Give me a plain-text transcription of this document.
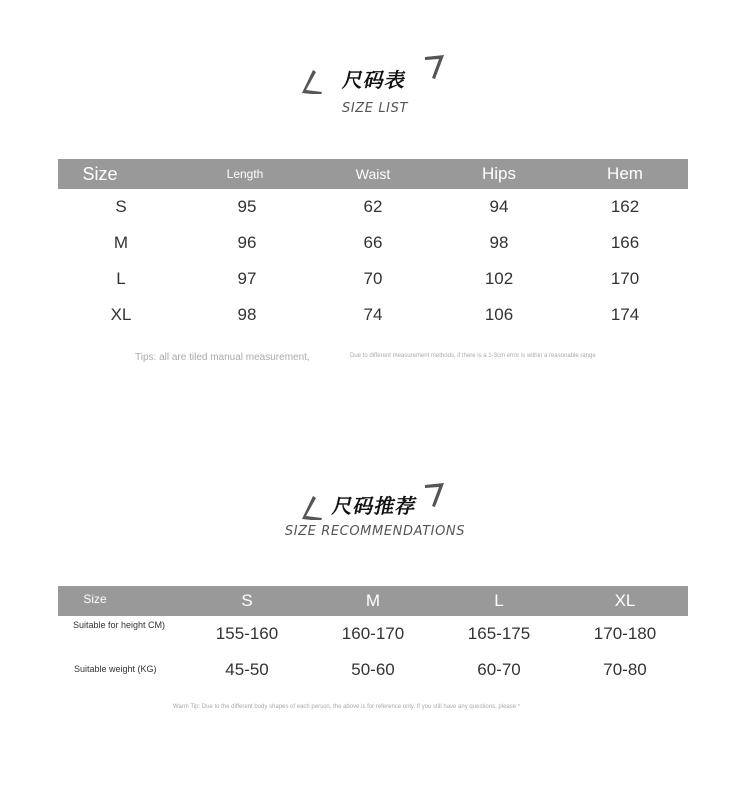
尺码表
SIZE LIST
Size	Length	Waist	Hips	Hem
S	95	62	94	162
M	96	66	98	166
L	97	70	102	170
XL	98	74	106	174
Tips: all are tiled manual measurement,	Due to different measurement methods, if there is a 1-3cm error is within a reasonable range
尺码推荐
SIZE RECOMMENDATIONS
Size	S	M	L	XL
Suitable for height CM)	155-160	160-170	165-175	170-180
Suitable weight (KG)	45-50	50-60	60-70	70-80
Warm Tip: Due to the different body shapes of each person, the above is for reference only. If you still have any questions, please *
